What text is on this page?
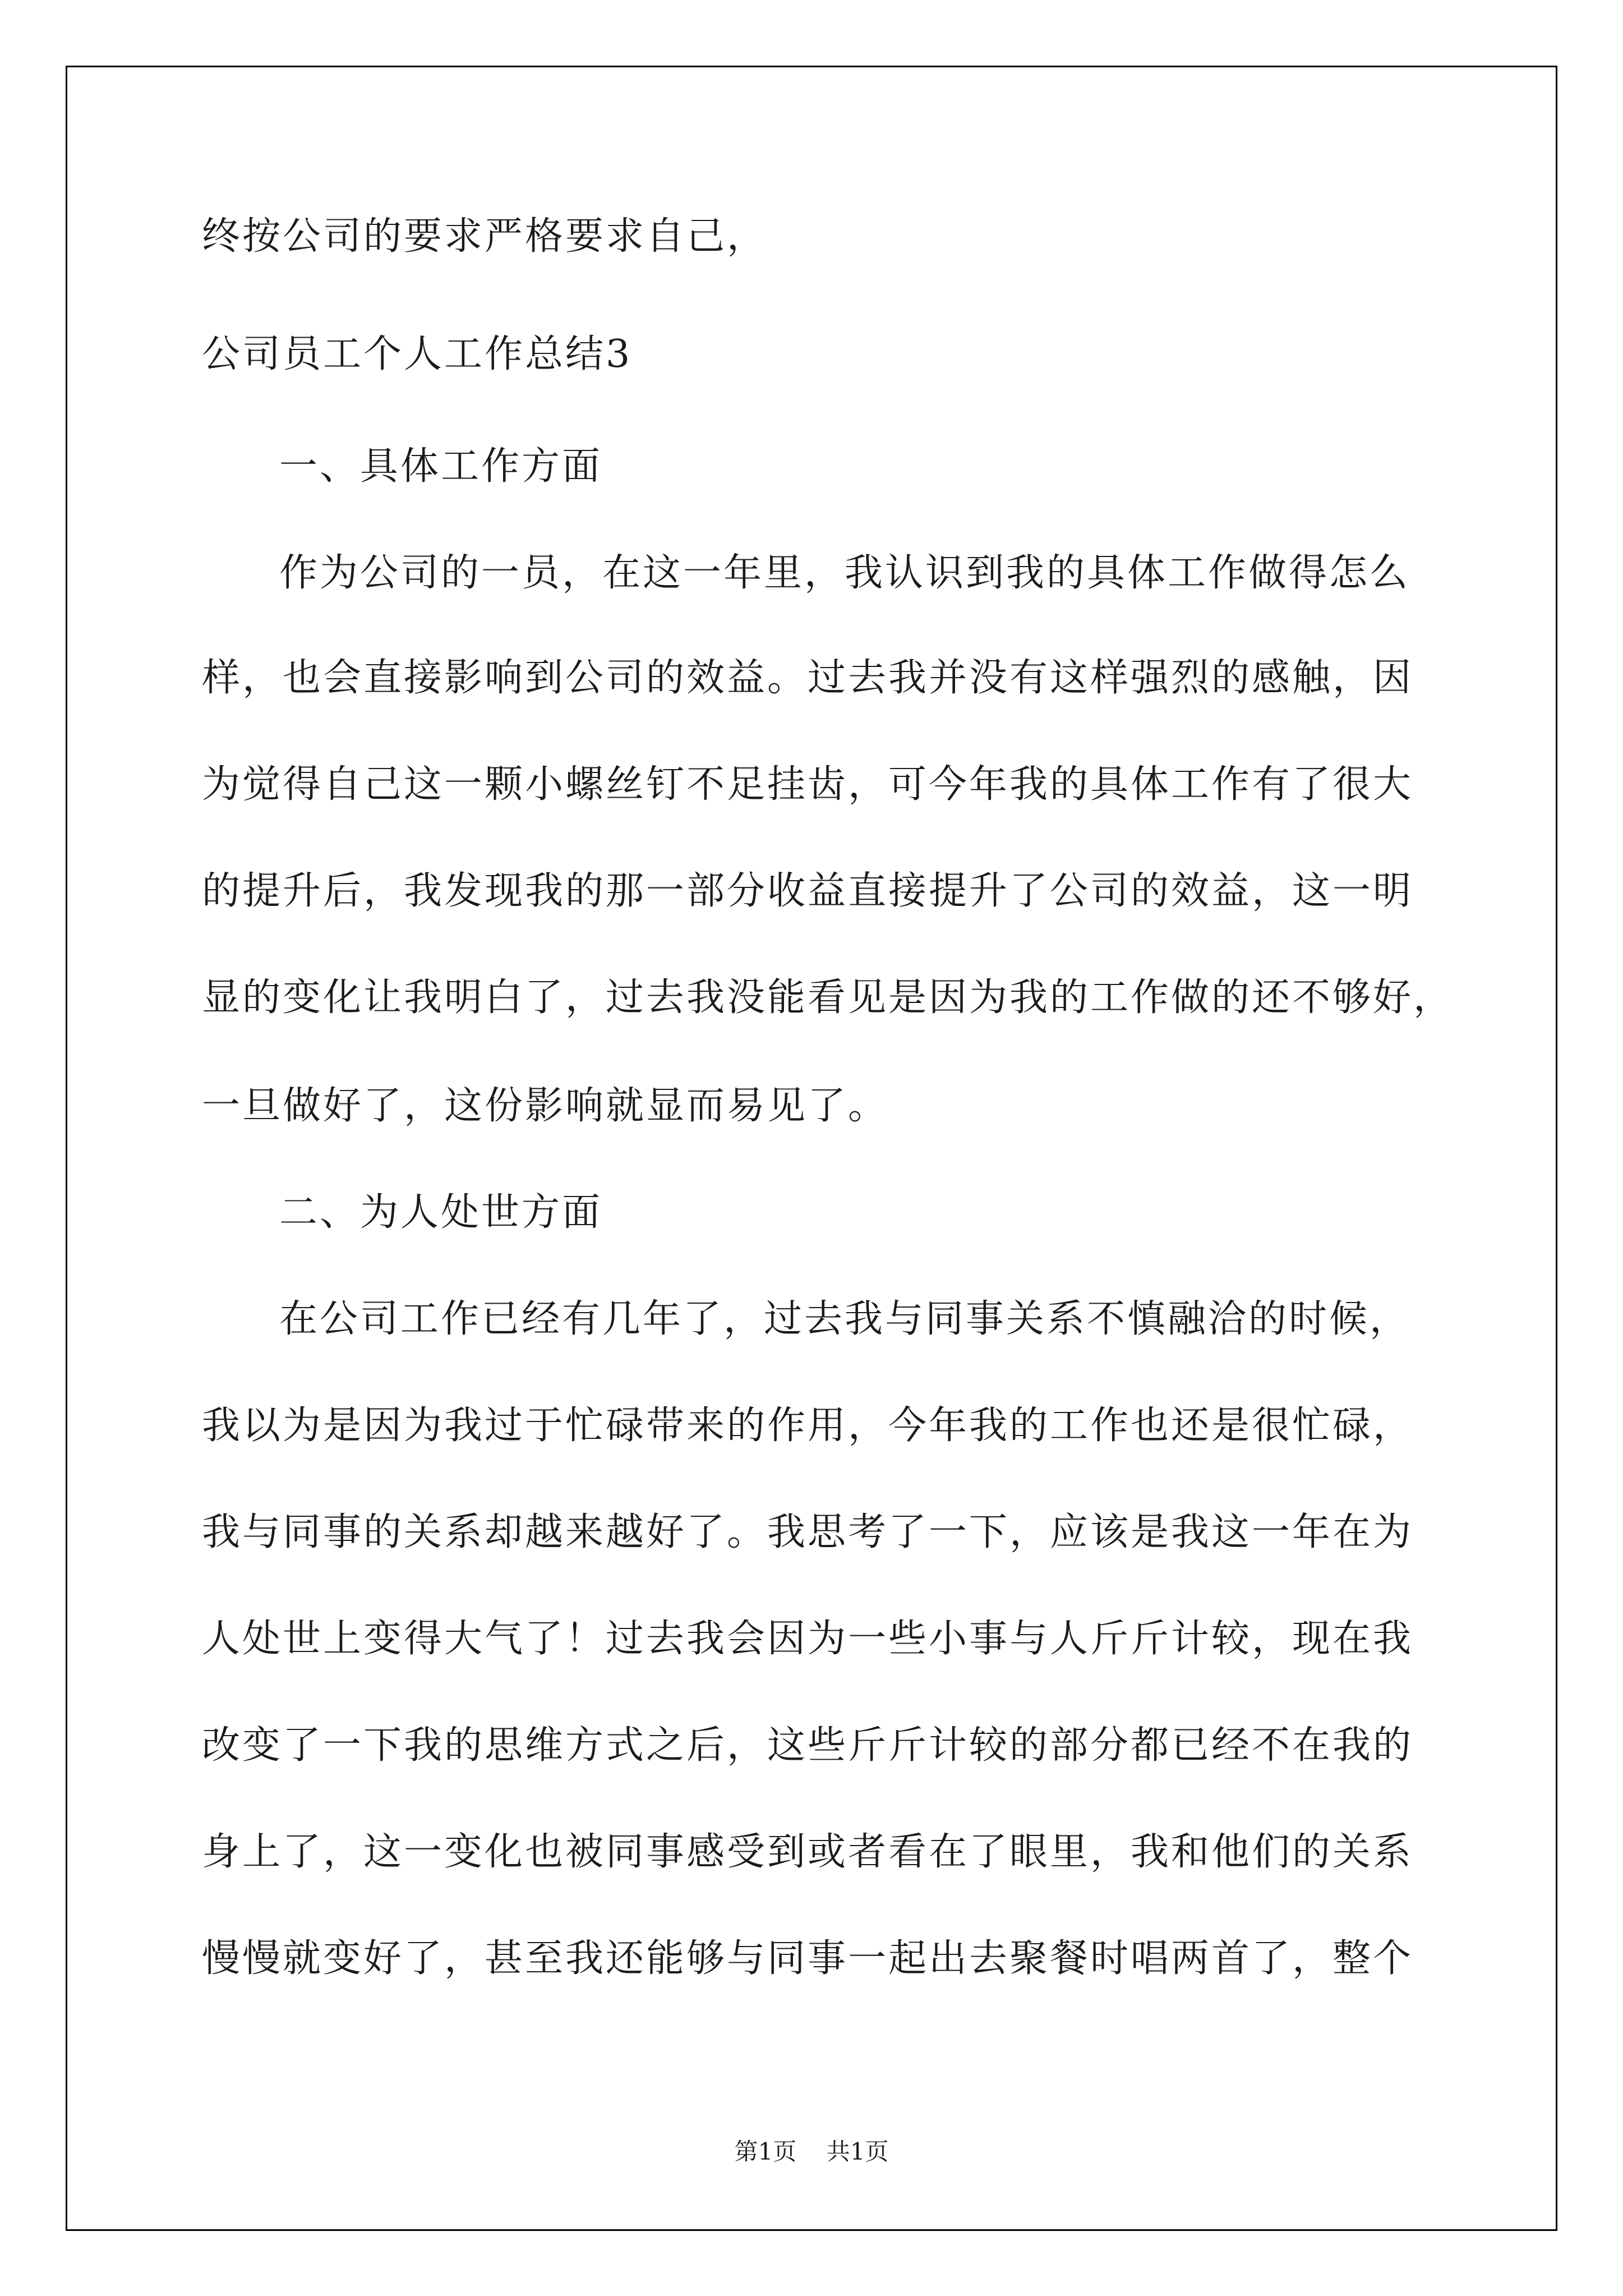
终按公司的要求严格要求自己，
公司员工个人工作总结3
一、具体工作方面
作为公司的一员，在这一年里，我认识到我的具体工作做得怎么
样，也会直接影响到公司的效益。过去我并没有这样强烈的感触，因
为觉得自己这一颗小螺丝钉不足挂齿，可今年我的具体工作有了很大
的提升后，我发现我的那一部分收益直接提升了公司的效益，这一明
显的变化让我明白了，过去我没能看见是因为我的工作做的还不够好，
一旦做好了，这份影响就显而易见了。
二、为人处世方面
在公司工作已经有几年了，过去我与同事关系不慎融洽的时候，
我以为是因为我过于忙碌带来的作用，今年我的工作也还是很忙碌，
我与同事的关系却越来越好了。我思考了一下，应该是我这一年在为
人处世上变得大气了！过去我会因为一些小事与人斤斤计较，现在我
改变了一下我的思维方式之后，这些斤斤计较的部分都已经不在我的
身上了，这一变化也被同事感受到或者看在了眼里，我和他们的关系
慢慢就变好了，甚至我还能够与同事一起出去聚餐时唱两首了，整个
第1页 共1页
